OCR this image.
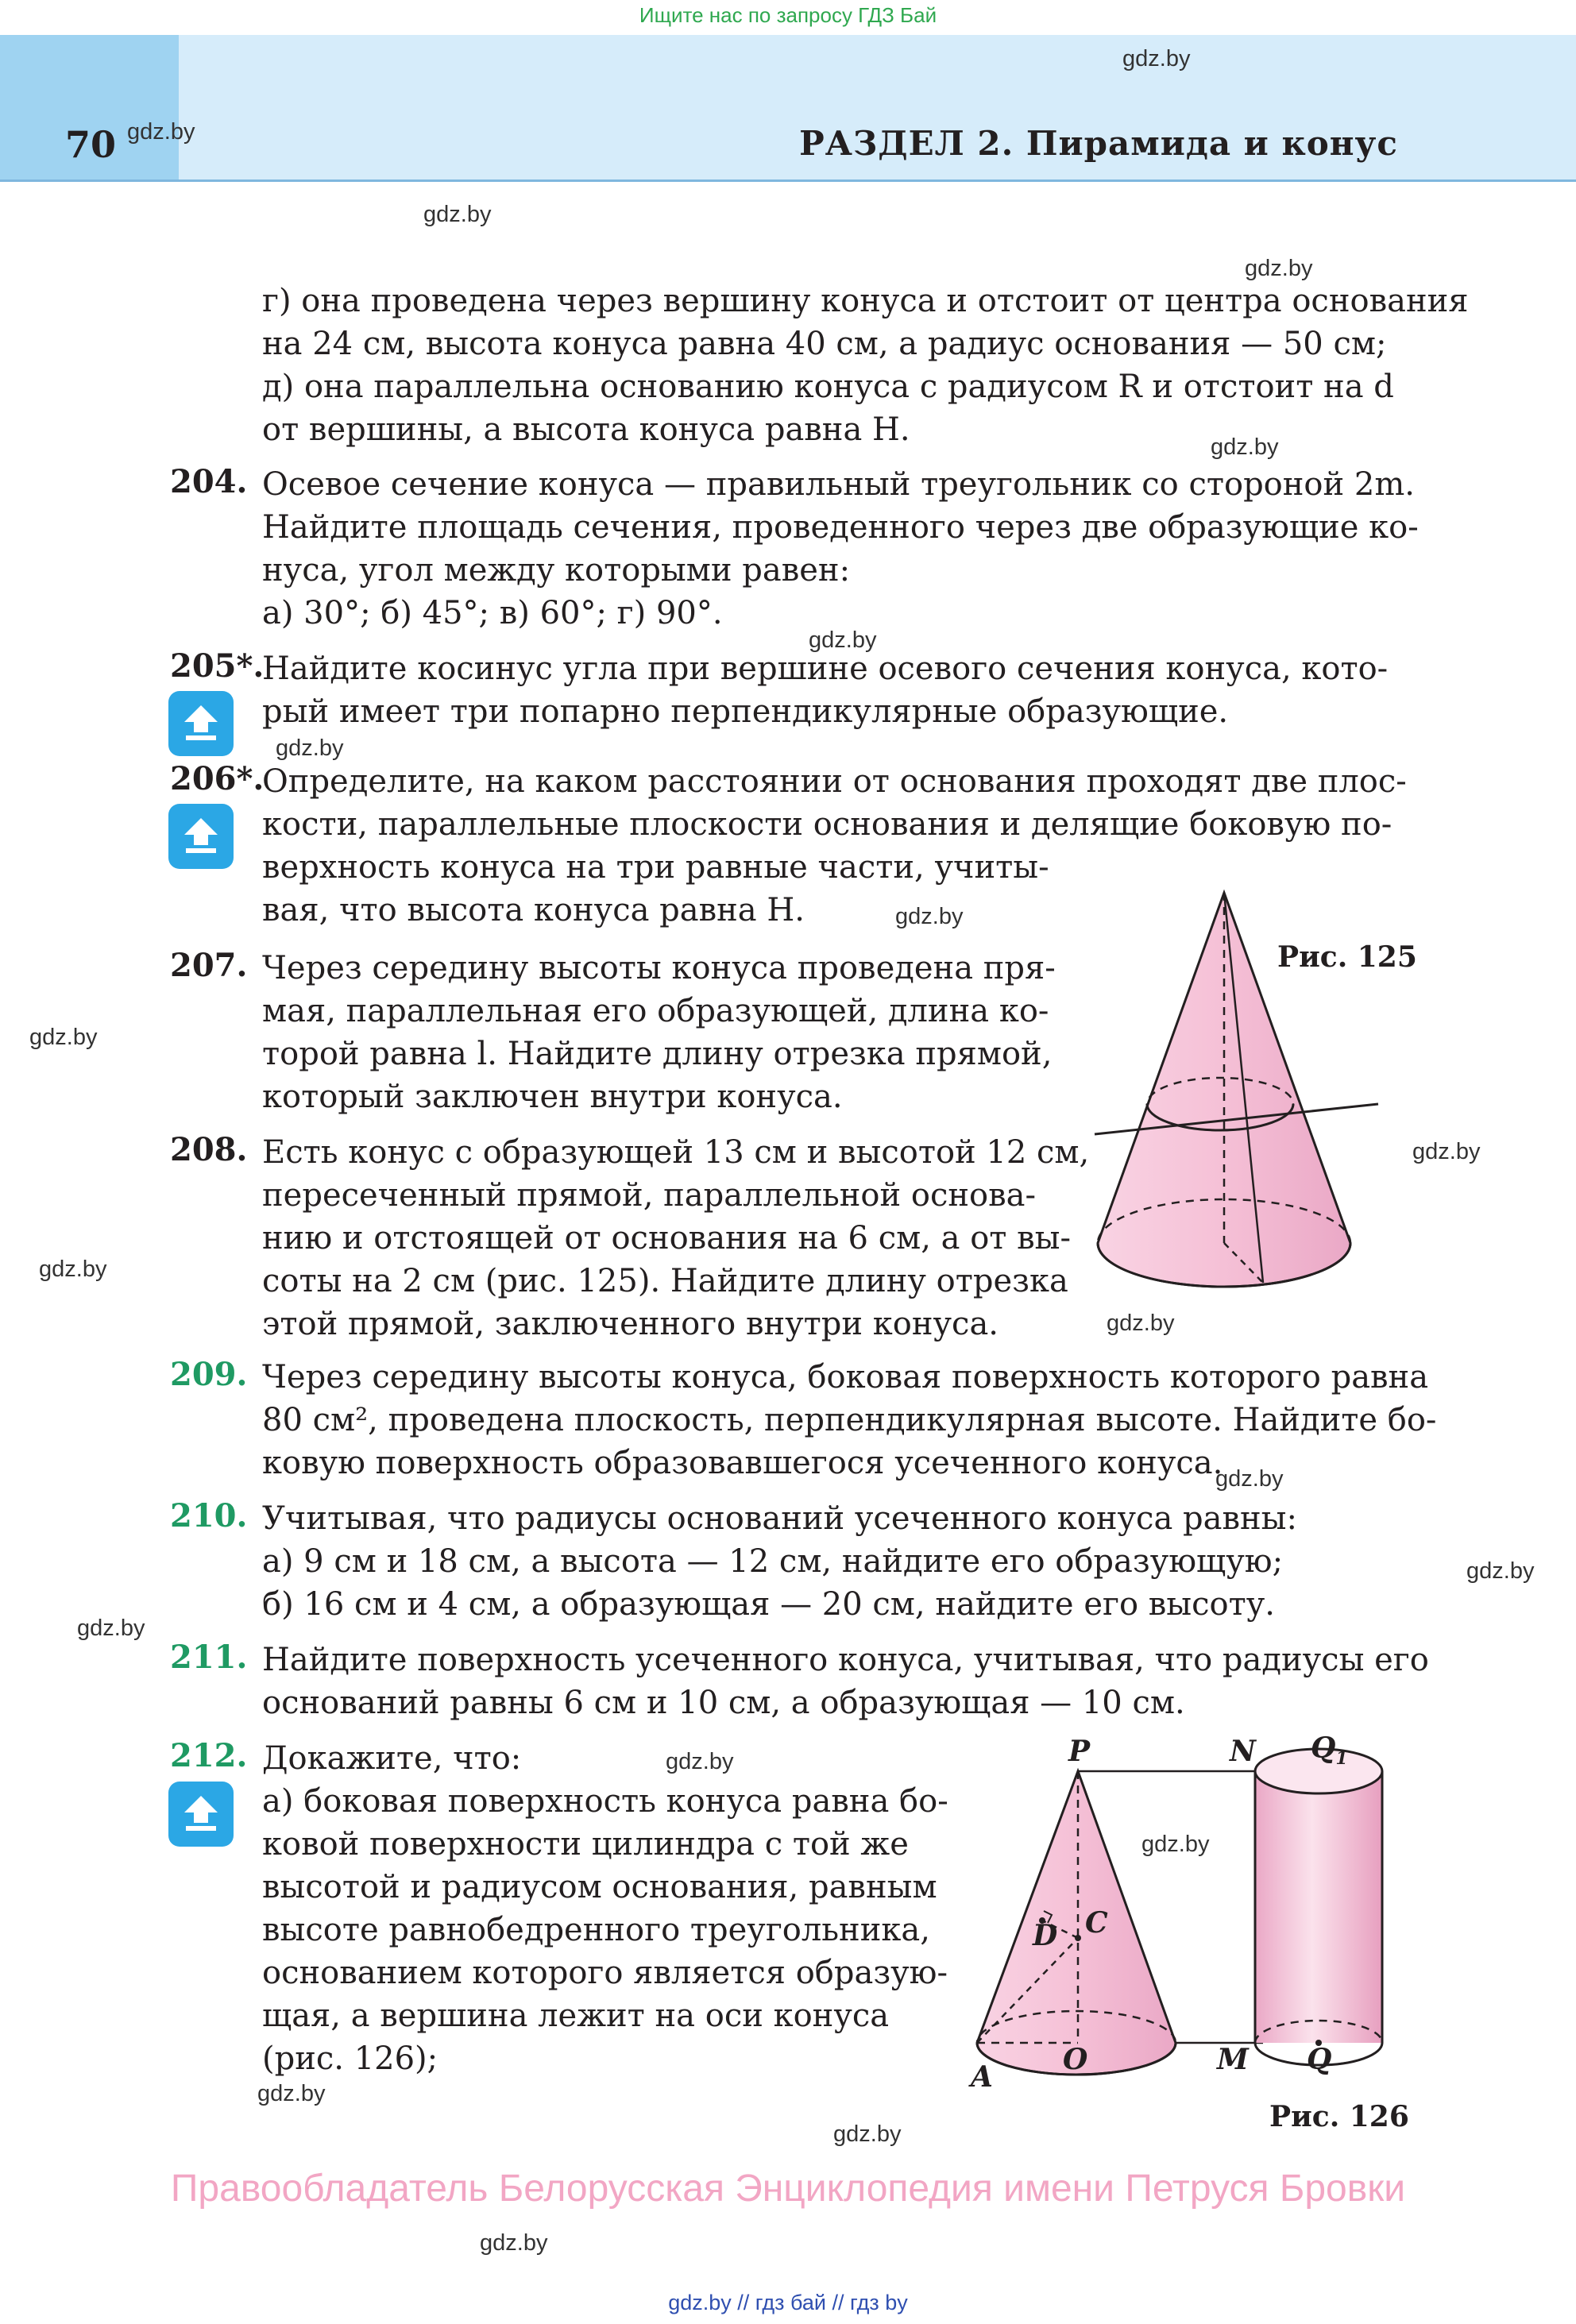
Ищите нас по запросу ГДЗ Бай
70	РАЗДЕЛ 2. Пирамида и конус
gdz.by
gdz.by
gdz.by
gdz.by
gdz.by
gdz.by
gdz.by
gdz.by
gdz.by
gdz.by
gdz.by
gdz.by
gdz.by
gdz.by
gdz.by
gdz.by
gdz.by
gdz.by
gdz.by
gdz.by
г) она проведена через вершину конуса и отстоит от центра основания
на 24 см, высота конуса равна 40 см, а радиус основания — 50 см;
д) она параллельна основанию конуса с радиусом R и отстоит на d
от вершины, а высота конуса равна H.
204. Осевое сечение конуса — правильный треугольник со стороной 2m.
Найдите площадь сечения, проведенного через две образующие ко-
нуса, угол между которыми равен:
а) 30°; б) 45°; в) 60°; г) 90°.
205*.
Найдите косинус угла при вершине осевого сечения конуса, кото-
рый имеет три попарно перпендикулярные образующие.
206*.
Определите, на каком расстоянии от основания проходят две плос-
кости, параллельные плоскости основания и делящие боковую по-
верхность конуса на три равные части, учиты-
вая, что высота конуса равна H.
207. Через середину высоты конуса проведена пря-
мая, параллельная его образующей, длина ко-
торой равна l. Найдите длину отрезка прямой,
который заключен внутри конуса.
208. Есть конус с образующей 13 см и высотой 12 см,
пересеченный прямой, параллельной основа-
нию и отстоящей от основания на 6 см, а от вы-
соты на 2 см (рис. 125). Найдите длину отрезка
этой прямой, заключенного внутри конуса.
Рис. 125
209. Через середину высоты конуса, боковая поверхность которого равна
80 см², проведена плоскость, перпендикулярная высоте. Найдите бо-
ковую поверхность образовавшегося усеченного конуса.
210. Учитывая, что радиусы оснований усеченного конуса равны:
а) 9 см и 18 см, а высота — 12 см, найдите его образующую;
б) 16 см и 4 см, а образующая — 20 см, найдите его высоту.
211. Найдите поверхность усеченного конуса, учитывая, что радиусы его
оснований равны 6 см и 10 см, а образующая — 10 см.
212. Докажите, что:
а) боковая поверхность конуса равна бо-
ковой поверхности цилиндра с той же
высотой и радиусом основания, равным
высоте равнобедренного треугольника,
основанием которого является образую-
щая, а вершина лежит на оси конуса
(рис. 126);
P	N $Q_1$
C
D
A
O	M Q
Рис. 126
Правообладатель Белорусская Энциклопедия имени Петруся Бровки
gdz.by // гдз бай // гдз by
